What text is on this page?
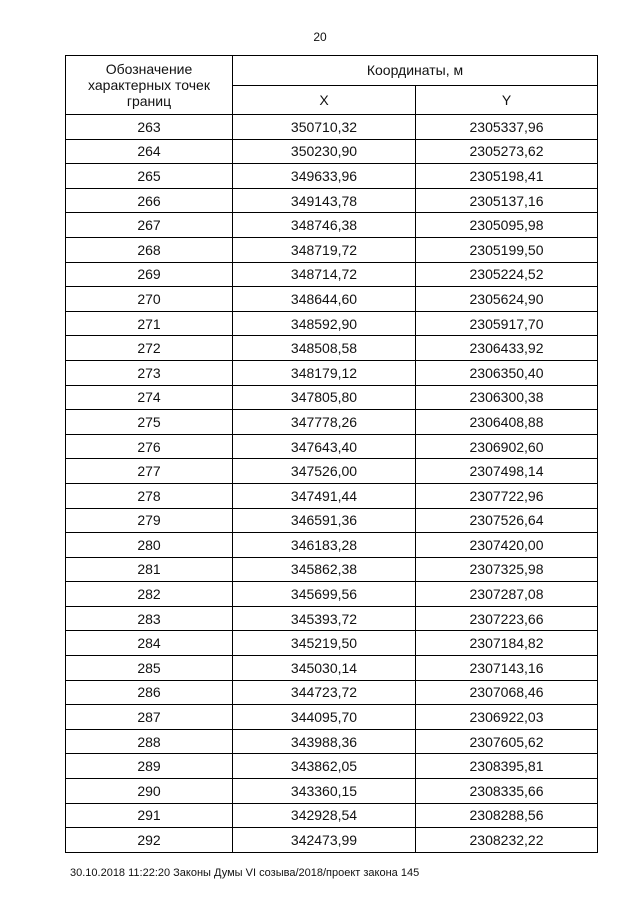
20
Обозначение характерных точек границ	Координаты, м	
	X	Y
263	350710,32	2305337,96
264	350230,90	2305273,62
265	349633,96	2305198,41
266	349143,78	2305137,16
267	348746,38	2305095,98
268	348719,72	2305199,50
269	348714,72	2305224,52
270	348644,60	2305624,90
271	348592,90	2305917,70
272	348508,58	2306433,92
273	348179,12	2306350,40
274	347805,80	2306300,38
275	347778,26	2306408,88
276	347643,40	2306902,60
277	347526,00	2307498,14
278	347491,44	2307722,96
279	346591,36	2307526,64
280	346183,28	2307420,00
281	345862,38	2307325,98
282	345699,56	2307287,08
283	345393,72	2307223,66
284	345219,50	2307184,82
285	345030,14	2307143,16
286	344723,72	2307068,46
287	344095,70	2306922,03
288	343988,36	2307605,62
289	343862,05	2308395,81
290	343360,15	2308335,66
291	342928,54	2308288,56
292	342473,99	2308232,22
30.10.2018 11:22:20 Законы Думы VI созыва/2018/проект закона 145
